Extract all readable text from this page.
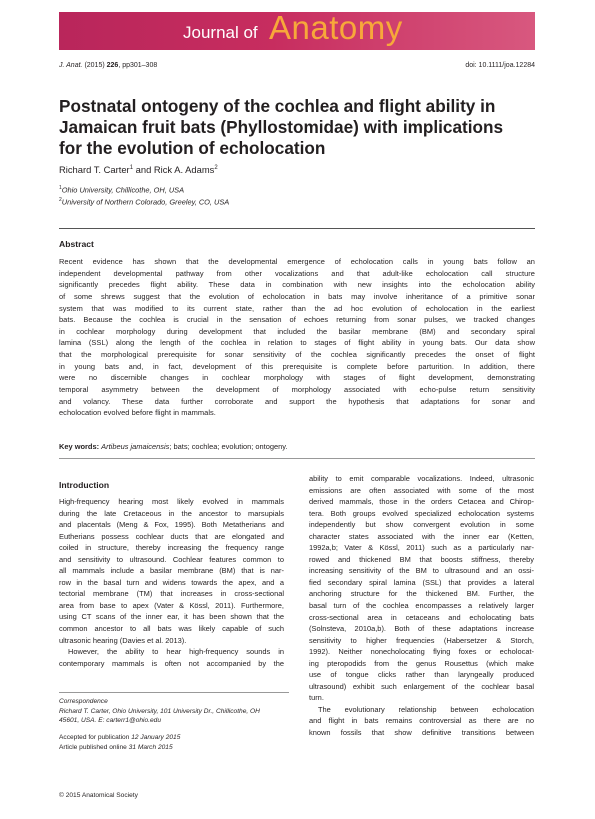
Journal of Anatomy
J. Anat. (2015) 226, pp301–308	doi: 10.1111/joa.12284
Postnatal ontogeny of the cochlea and flight ability in
Jamaican fruit bats (Phyllostomidae) with implications
for the evolution of echolocation
Richard T. Carter$^1$ and Rick A. Adams$^2$
$^1$Ohio University, Chillicothe, OH, USA
$^2$University of Northern Colorado, Greeley, CO, USA
Abstract
Recent evidence has shown that the developmental emergence of echolocation calls in young bats follow an
independent developmental pathway from other vocalizations and that adult-like echolocation call structure
significantly precedes flight ability. These data in combination with new insights into the echolocation ability
of some shrews suggest that the evolution of echolocation in bats may involve inheritance of a primitive sonar
system that was modified to its current state, rather than the ad hoc evolution of echolocation in the earliest
bats. Because the cochlea is crucial in the sensation of echoes returning from sonar pulses, we tracked changes
in cochlear morphology during development that included the basilar membrane (BM) and secondary spiral
lamina (SSL) along the length of the cochlea in relation to stages of flight ability in young bats. Our data show
that the morphological prerequisite for sonar sensitivity of the cochlea significantly precedes the onset of flight
in young bats and, in fact, development of this prerequisite is complete before parturition. In addition, there
were no discernible changes in cochlear morphology with stages of flight development, demonstrating
temporal asymmetry between the development of morphology associated with echo-pulse return sensitivity
and volancy. These data further corroborate and support the hypothesis that adaptations for sonar and
echolocation evolved before flight in mammals.
Key words: Artibeus jamaicensis; bats; cochlea; evolution; ontogeny.
Introduction
High-frequency hearing most likely evolved in mammals
during the late Cretaceous in the ancestor to marsupials
and placentals (Meng & Fox, 1995). Both Metatherians and
Eutherians possess cochlear ducts that are elongated and
coiled in structure, thereby increasing the frequency range
and sensitivity to ultrasound. Cochlear features common to
all mammals include a basilar membrane (BM) that is nar-
row in the basal turn and widens towards the apex, and a
tectorial membrane (TM) that increases in cross-sectional
area from base to apex (Vater & Kössl, 2011). Furthermore,
using CT scans of the inner ear, it has been shown that the
common ancestor to all bats was likely capable of such
ultrasonic hearing (Davies et al. 2013).
However, the ability to hear high-frequency sounds in
contemporary mammals is often not accompanied by the
Correspondence
Richard T. Carter, Ohio University, 101 University Dr., Chillicothe, OH
45601, USA. E: carterr1@ohio.edu
Accepted for publication 12 January 2015
Article published online 31 March 2015
ability to emit comparable vocalizations. Indeed, ultrasonic
emissions are often associated with some of the most
derived mammals, those in the orders Cetacea and Chirop-
tera. Both groups evolved specialized echolocation systems
independently but show convergent evolution in some
character states associated with the inner ear (Ketten,
1992a,b; Vater & Kössl, 2011) such as a particularly nar-
rowed and thickened BM that boosts stiffness, thereby
increasing sensitivity of the BM to ultrasound and an ossi-
fied secondary spiral lamina (SSL) that provides a lateral
anchoring structure for the thickened BM. Further, the
basal turn of the cochlea encompasses a relatively larger
cross-sectional area in cetaceans and echolocating bats
(Solnsteva, 2010a,b). Both of these adaptations increase
sensitivity to higher frequencies (Habersetzer & Storch,
1992). Neither nonecholocating flying foxes or echolocat-
ing pteropodids from the genus Rousettus (which make
use of tongue clicks rather than laryngeally produced
ultrasound) exhibit such enlargement of the cochlear basal
turn.
The evolutionary relationship between echolocation
and flight in bats remains controversial as there are no
known fossils that show definitive transitions between
© 2015 Anatomical Society
